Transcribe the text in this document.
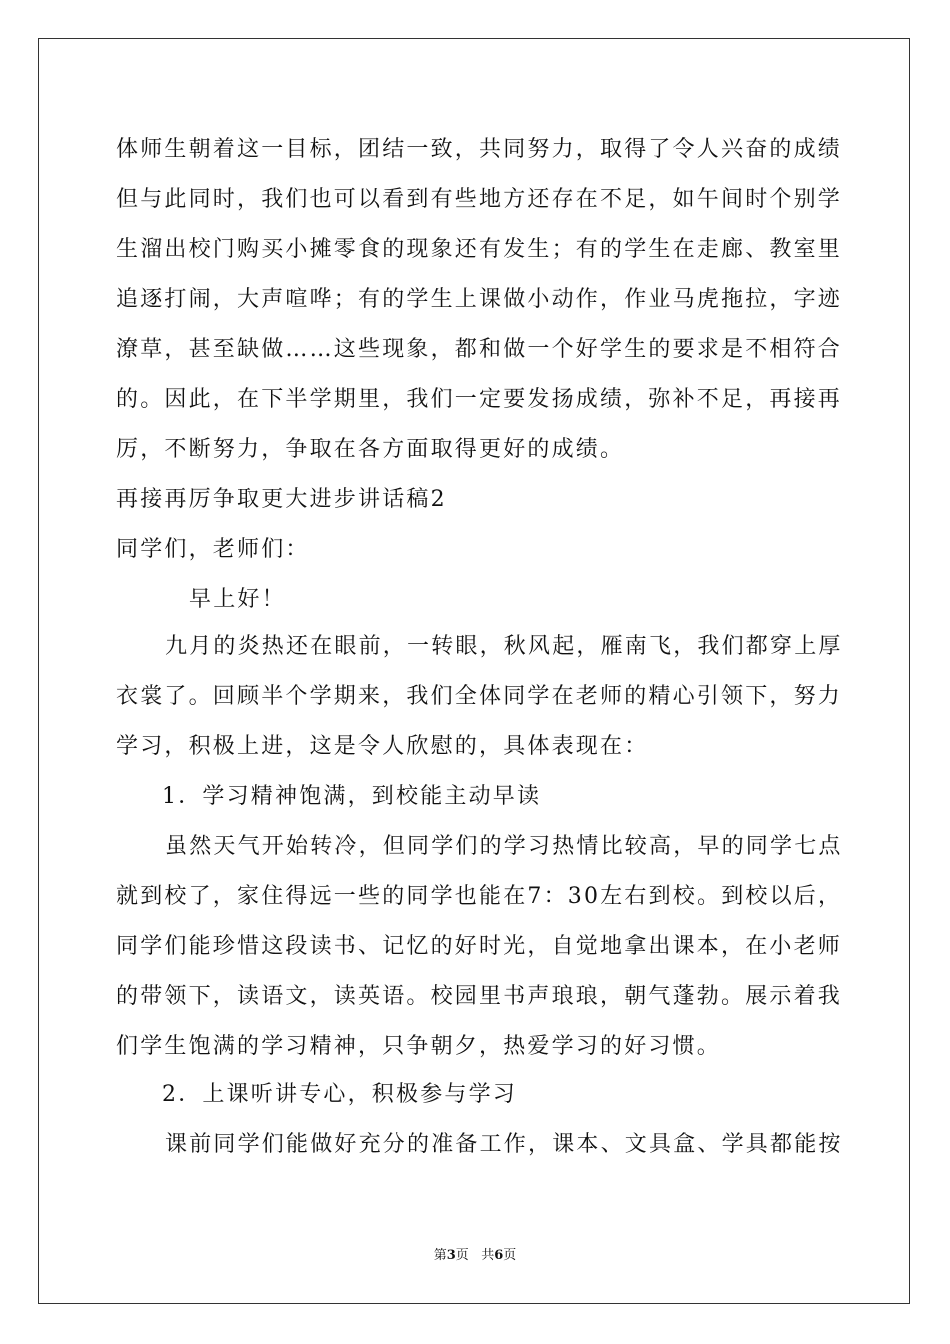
体师生朝着这一目标，团结一致，共同努力，取得了令人兴奋的成绩
但与此同时，我们也可以看到有些地方还存在不足，如午间时个别学
生溜出校门购买小摊零食的现象还有发生；有的学生在走廊、教室里
追逐打闹，大声喧哗；有的学生上课做小动作，作业马虎拖拉，字迹
潦草，甚至缺做……这些现象，都和做一个好学生的要求是不相符合
的。因此，在下半学期里，我们一定要发扬成绩，弥补不足，再接再
厉，不断努力，争取在各方面取得更好的成绩。
再接再厉争取更大进步讲话稿2
同学们，老师们：
早上好！
九月的炎热还在眼前，一转眼，秋风起，雁南飞，我们都穿上厚
衣裳了。回顾半个学期来，我们全体同学在老师的精心引领下，努力
学习，积极上进，这是令人欣慰的，具体表现在：
1．学习精神饱满，到校能主动早读
虽然天气开始转冷，但同学们的学习热情比较高，早的同学七点
就到校了，家住得远一些的同学也能在7：30左右到校。到校以后，
同学们能珍惜这段读书、记忆的好时光，自觉地拿出课本，在小老师
的带领下，读语文，读英语。校园里书声琅琅，朝气蓬勃。展示着我
们学生饱满的学习精神，只争朝夕，热爱学习的好习惯。
2．上课听讲专心，积极参与学习
课前同学们能做好充分的准备工作，课本、文具盒、学具都能按
第3页 共6页
